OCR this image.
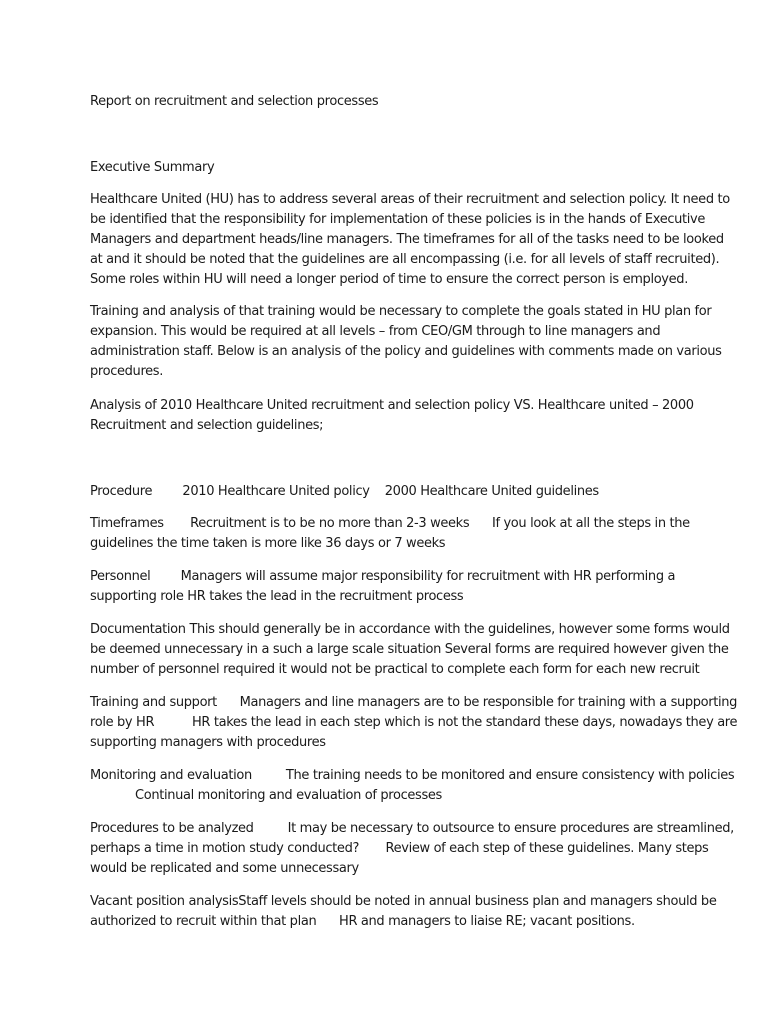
Report on recruitment and selection processes
Executive Summary
Healthcare United (HU) has to address several areas of their recruitment and selection policy. It need to
be identified that the responsibility for implementation of these policies is in the hands of Executive
Managers and department heads/line managers. The timeframes for all of the tasks need to be looked
at and it should be noted that the guidelines are all encompassing (i.e. for all levels of staff recruited).
Some roles within HU will need a longer period of time to ensure the correct person is employed.
Training and analysis of that training would be necessary to complete the goals stated in HU plan for
expansion. This would be required at all levels – from CEO/GM through to line managers and
administration staff. Below is an analysis of the policy and guidelines with comments made on various
procedures.
Analysis of 2010 Healthcare United recruitment and selection policy VS. Healthcare united – 2000
Recruitment and selection guidelines;
Procedure        2010 Healthcare United policy    2000 Healthcare United guidelines
Timeframes       Recruitment is to be no more than 2-3 weeks      If you look at all the steps in the
guidelines the time taken is more like 36 days or 7 weeks
Personnel        Managers will assume major responsibility for recruitment with HR performing a
supporting role HR takes the lead in the recruitment process
Documentation This should generally be in accordance with the guidelines, however some forms would
be deemed unnecessary in a such a large scale situation Several forms are required however given the
number of personnel required it would not be practical to complete each form for each new recruit
Training and support      Managers and line managers are to be responsible for training with a supporting
role by HR          HR takes the lead in each step which is not the standard these days, nowadays they are
supporting managers with procedures
Monitoring and evaluation         The training needs to be monitored and ensure consistency with policies
Continual monitoring and evaluation of processes
Procedures to be analyzed         It may be necessary to outsource to ensure procedures are streamlined,
perhaps a time in motion study conducted?       Review of each step of these guidelines. Many steps
would be replicated and some unnecessary
Vacant position analysisStaff levels should be noted in annual business plan and managers should be
authorized to recruit within that plan      HR and managers to liaise RE; vacant positions.
